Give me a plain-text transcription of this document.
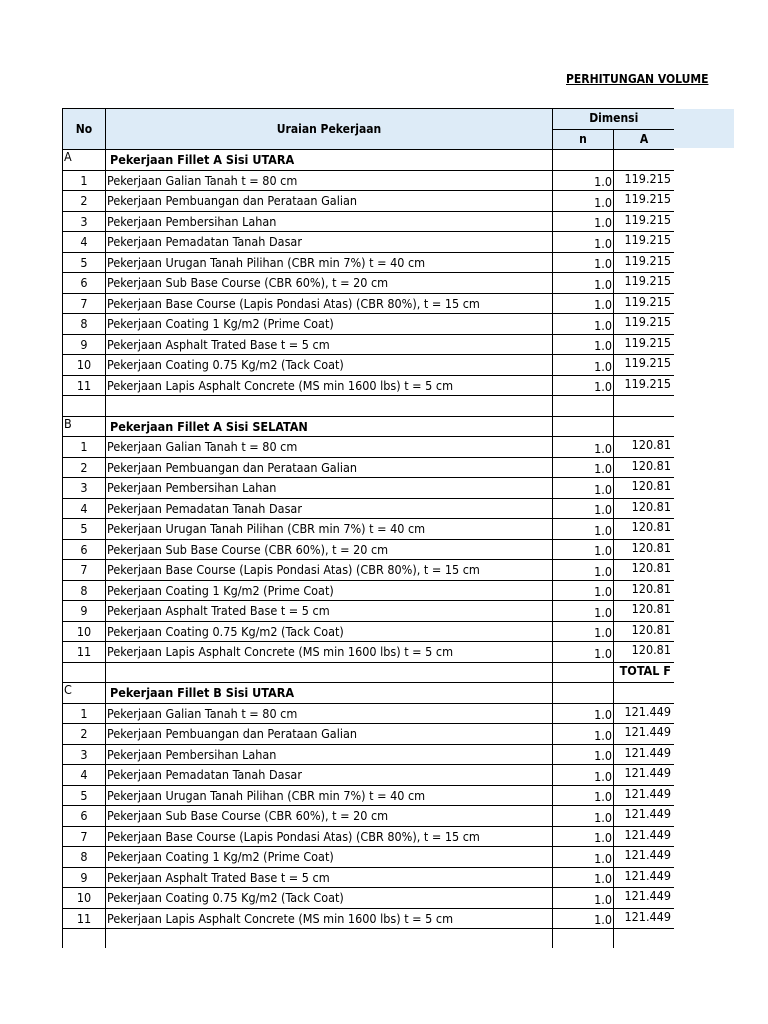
PERHITUNGAN VOLUME
No	Uraian Pekerjaan	Dimensi	
		n	A
A	Pekerjaan Fillet A Sisi UTARA		
1	Pekerjaan Galian Tanah t = 80 cm	1.0	119.215
2	Pekerjaan Pembuangan dan Perataan Galian	1.0	119.215
3	Pekerjaan Pembersihan Lahan	1.0	119.215
4	Pekerjaan Pemadatan Tanah Dasar	1.0	119.215
5	Pekerjaan Urugan Tanah Pilihan (CBR min 7%) t = 40 cm	1.0	119.215
6	Pekerjaan Sub Base Course (CBR 60%), t = 20 cm	1.0	119.215
7	Pekerjaan Base Course (Lapis Pondasi Atas) (CBR 80%), t = 15 cm	1.0	119.215
8	Pekerjaan Coating 1 Kg/m2 (Prime Coat)	1.0	119.215
9	Pekerjaan Asphalt Trated Base t = 5 cm	1.0	119.215
10	Pekerjaan Coating 0.75 Kg/m2 (Tack Coat)	1.0	119.215
11	Pekerjaan Lapis Asphalt Concrete (MS min 1600 lbs) t = 5 cm	1.0	119.215

B	Pekerjaan Fillet A Sisi SELATAN		
1	Pekerjaan Galian Tanah t = 80 cm	1.0	120.81
2	Pekerjaan Pembuangan dan Perataan Galian	1.0	120.81
3	Pekerjaan Pembersihan Lahan	1.0	120.81
4	Pekerjaan Pemadatan Tanah Dasar	1.0	120.81
5	Pekerjaan Urugan Tanah Pilihan (CBR min 7%) t = 40 cm	1.0	120.81
6	Pekerjaan Sub Base Course (CBR 60%), t = 20 cm	1.0	120.81
7	Pekerjaan Base Course (Lapis Pondasi Atas) (CBR 80%), t = 15 cm	1.0	120.81
8	Pekerjaan Coating 1 Kg/m2 (Prime Coat)	1.0	120.81
9	Pekerjaan Asphalt Trated Base t = 5 cm	1.0	120.81
10	Pekerjaan Coating 0.75 Kg/m2 (Tack Coat)	1.0	120.81
11	Pekerjaan Lapis Asphalt Concrete (MS min 1600 lbs) t = 5 cm	1.0	120.81
			TOTAL F
C	Pekerjaan Fillet B Sisi UTARA		
1	Pekerjaan Galian Tanah t = 80 cm	1.0	121.449
2	Pekerjaan Pembuangan dan Perataan Galian	1.0	121.449
3	Pekerjaan Pembersihan Lahan	1.0	121.449
4	Pekerjaan Pemadatan Tanah Dasar	1.0	121.449
5	Pekerjaan Urugan Tanah Pilihan (CBR min 7%) t = 40 cm	1.0	121.449
6	Pekerjaan Sub Base Course (CBR 60%), t = 20 cm	1.0	121.449
7	Pekerjaan Base Course (Lapis Pondasi Atas) (CBR 80%), t = 15 cm	1.0	121.449
8	Pekerjaan Coating 1 Kg/m2 (Prime Coat)	1.0	121.449
9	Pekerjaan Asphalt Trated Base t = 5 cm	1.0	121.449
10	Pekerjaan Coating 0.75 Kg/m2 (Tack Coat)	1.0	121.449
11	Pekerjaan Lapis Asphalt Concrete (MS min 1600 lbs) t = 5 cm	1.0	121.449
